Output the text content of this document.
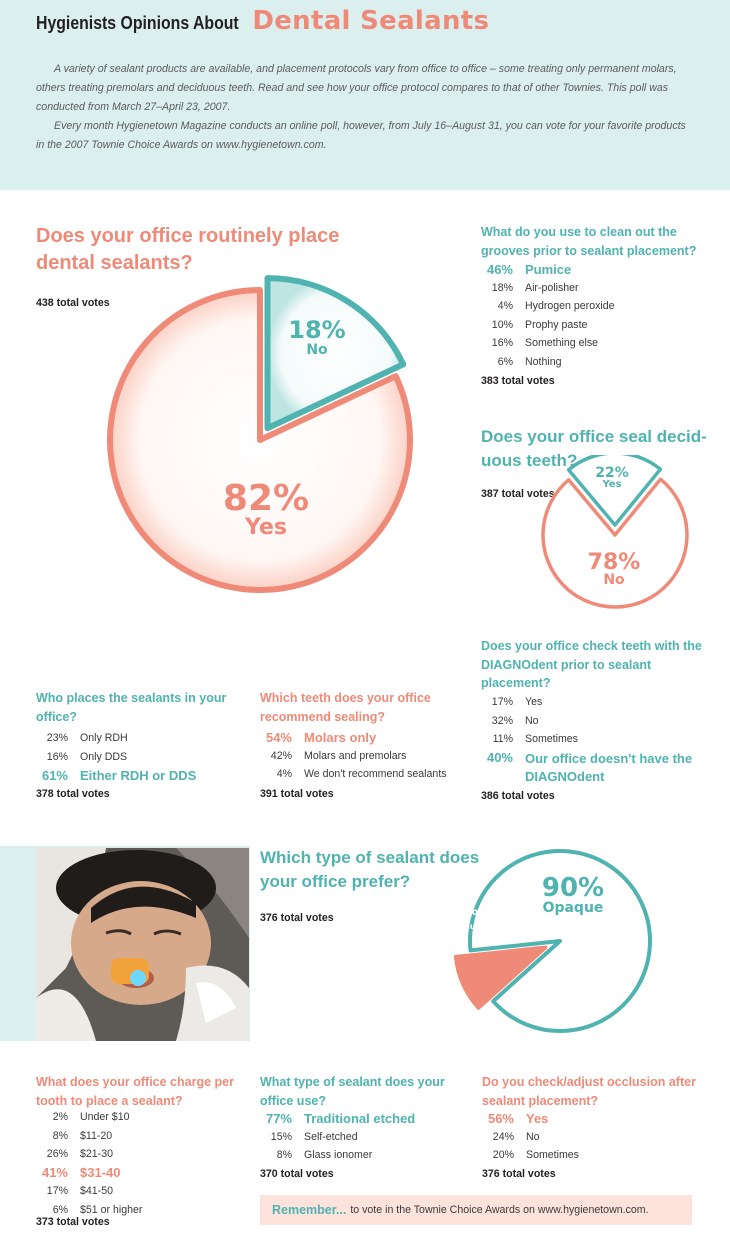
Hygienists Opinions About Dental Sealants

A variety of sealant products are available, and placement protocols vary from office to office – some treating only permanent molars, others treating premolars and deciduous teeth. Read and see how your office protocol compares to that of other Townies. This poll was conducted from March 27–April 23, 2007.

Every month Hygienetown Magazine conducts an online poll, however, from July 16–August 31, you can vote for your favorite products in the 2007 Townie Choice Awards on www.hygienetown.com.

Does your office routinely place dental sealants?
438 total votes
18%
No
82%
Yes
What do you use to clean out the grooves prior to sealant placement?
46% Pumice
18% Air-polisher
4% Hydrogen peroxide
10% Prophy paste
16% Something else
6% Nothing
383 total votes
Does your office seal decid-uous teeth?
387 total votes
22%
Yes
78%
No
Who places the sealants in your office?
23% Only RDH
16% Only DDS
61% Either RDH or DDS
378 total votes
Which teeth does your office recommend sealing?
54% Molars only
42% Molars and premolars
4% We don't recommend sealants
391 total votes
Does your office check teeth with the DIAGNOdent prior to sealant placement?
17% Yes
32% No
11% Sometimes
40% Our office doesn't have the DIAGNOdent
386 total votes
Which type of sealant does your office prefer?
376 total votes
90%
Opaque
10%
Translucent
What does your office charge per tooth to place a sealant?
2% Under $10
8% $11-20
26% $21-30
41% $31-40
17% $41-50
6% $51 or higher
373 total votes
What type of sealant does your office use?
77% Traditional etched
15% Self-etched
8% Glass ionomer
370 total votes
Do you check/adjust occlusion after sealant placement?
56% Yes
24% No
20% Sometimes
376 total votes
Remember... to vote in the Townie Choice Awards on www.hygienetown.com.
